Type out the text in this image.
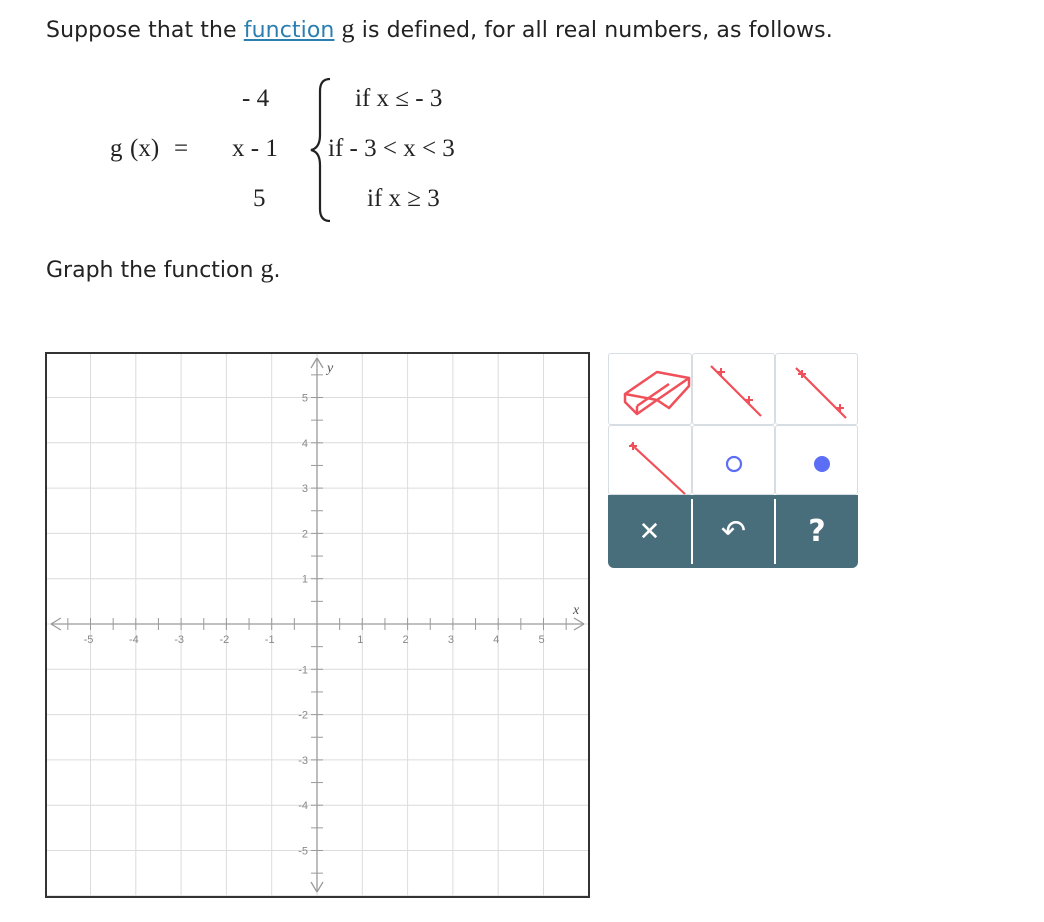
Suppose that the function g is defined, for all real numbers, as follows.
g (x) =
- 4	if x ≤ - 3
x - 1 if - 3 < x < 3
5	if x ≥ 3
Graph the function g.
-5	-4	-3	-2	-1	1	2	3	4	5
5
4
3
2
1
-1
-2
-3
-4
-5
x
y
✕ ↶ ?
